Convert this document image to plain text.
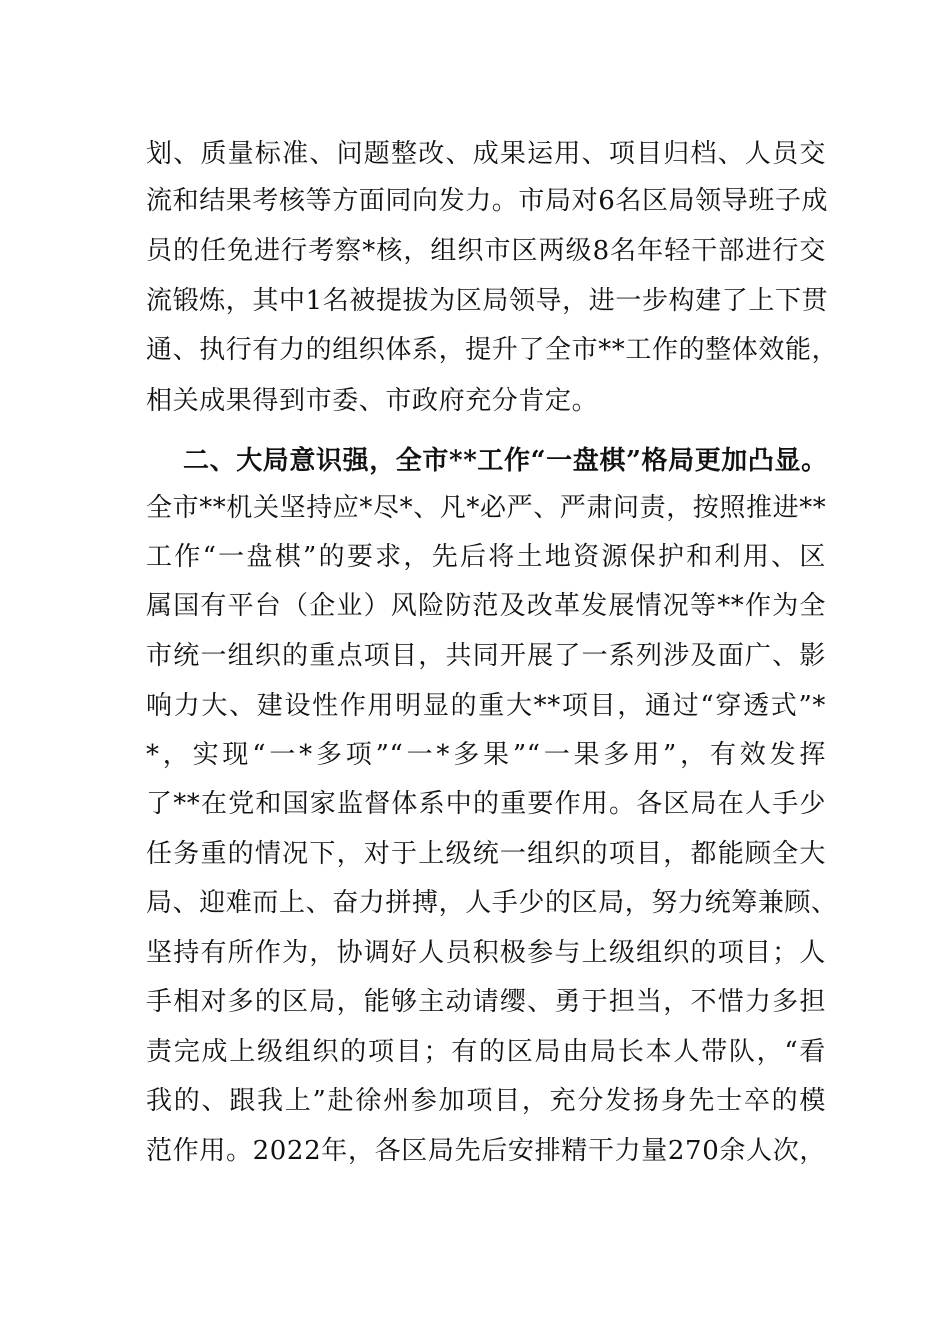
划、质量标准、问题整改、成果运用、项目归档、人员交
流和结果考核等方面同向发力。市局对6名区局领导班子成
员的任免进行考察*核，组织市区两级8名年轻干部进行交
流锻炼，其中1名被提拔为区局领导，进一步构建了上下贯
通、执行有力的组织体系，提升了全市**工作的整体效能，
相关成果得到市委、市政府充分肯定。
二、大局意识强，全市**工作“一盘棋”格局更加凸显。
全市**机关坚持应*尽*、凡*必严、严肃问责，按照推进**
工作“一盘棋”的要求，先后将土地资源保护和利用、区
属国有平台（企业）风险防范及改革发展情况等**作为全
市统一组织的重点项目，共同开展了一系列涉及面广、影
响力大、建设性作用明显的重大**项目，通过“穿透式”*
*，实现“一*多项”“一*多果”“一果多用”，有效发挥
了**在党和国家监督体系中的重要作用。各区局在人手少
任务重的情况下，对于上级统一组织的项目，都能顾全大
局、迎难而上、奋力拼搏，人手少的区局，努力统筹兼顾、
坚持有所作为，协调好人员积极参与上级组织的项目；人
手相对多的区局，能够主动请缨、勇于担当，不惜力多担
责完成上级组织的项目；有的区局由局长本人带队，“看
我的、跟我上”赴徐州参加项目，充分发扬身先士卒的模
范作用。2022年，各区局先后安排精干力量270余人次，
